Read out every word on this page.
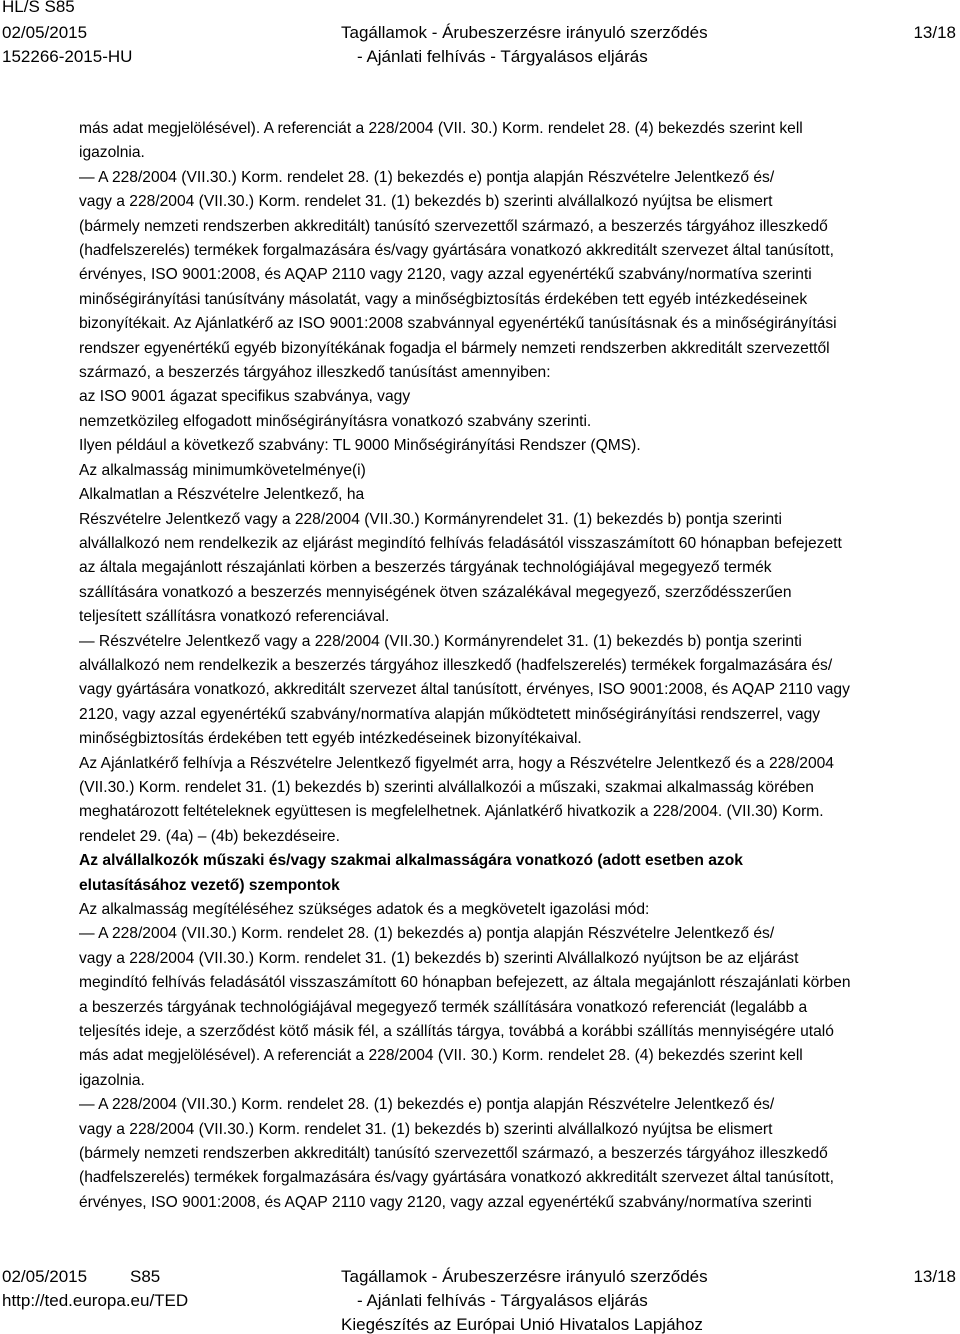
HL/S S85
02/05/2015
152266-2015-HU
Tagállamok - Árubeszerzésre irányuló szerződés
- Ajánlati felhívás - Tárgyalásos eljárás
13/18

más adat megjelölésével). A referenciát a 228/2004 (VII. 30.) Korm. rendelet 28. (4) bekezdés szerint kell

igazolnia.

— A 228/2004 (VII.30.) Korm. rendelet 28. (1) bekezdés e) pontja alapján Részvételre Jelentkező és/

vagy a 228/2004 (VII.30.) Korm. rendelet 31. (1) bekezdés b) szerinti alvállalkozó nyújtsa be elismert

(bármely nemzeti rendszerben akkreditált) tanúsító szervezettől származó, a beszerzés tárgyához illeszkedő

(hadfelszerelés) termékek forgalmazására és/vagy gyártására vonatkozó akkreditált szervezet által tanúsított,

érvényes, ISO 9001:2008, és AQAP 2110 vagy 2120, vagy azzal egyenértékű szabvány/normatíva szerinti

minőségirányítási tanúsítvány másolatát, vagy a minőségbiztosítás érdekében tett egyéb intézkedéseinek

bizonyítékait. Az Ajánlatkérő az ISO 9001:2008 szabvánnyal egyenértékű tanúsításnak és a minőségirányítási

rendszer egyenértékű egyéb bizonyítékának fogadja el bármely nemzeti rendszerben akkreditált szervezettől

származó, a beszerzés tárgyához illeszkedő tanúsítást amennyiben:

az ISO 9001 ágazat specifikus szabványa, vagy

nemzetközileg elfogadott minőségirányításra vonatkozó szabvány szerinti.

Ilyen például a következő szabvány: TL 9000 Minőségirányítási Rendszer (QMS).

Az alkalmasság minimumkövetelménye(i)

Alkalmatlan a Részvételre Jelentkező, ha

Részvételre Jelentkező vagy a 228/2004 (VII.30.) Kormányrendelet 31. (1) bekezdés b) pontja szerinti

alvállalkozó nem rendelkezik az eljárást megindító felhívás feladásától visszaszámított 60 hónapban befejezett

az általa megajánlott részajánlati körben a beszerzés tárgyának technológiájával megegyező termék

szállítására vonatkozó a beszerzés mennyiségének ötven százalékával megegyező, szerződésszerűen

teljesített szállításra vonatkozó referenciával.

— Részvételre Jelentkező vagy a 228/2004 (VII.30.) Kormányrendelet 31. (1) bekezdés b) pontja szerinti

alvállalkozó nem rendelkezik a beszerzés tárgyához illeszkedő (hadfelszerelés) termékek forgalmazására és/

vagy gyártására vonatkozó, akkreditált szervezet által tanúsított, érvényes, ISO 9001:2008, és AQAP 2110 vagy

2120, vagy azzal egyenértékű szabvány/normatíva alapján működtetett minőségirányítási rendszerrel, vagy

minőségbiztosítás érdekében tett egyéb intézkedéseinek bizonyítékaival.

Az Ajánlatkérő felhívja a Részvételre Jelentkező figyelmét arra, hogy a Részvételre Jelentkező és a 228/2004

(VII.30.) Korm. rendelet 31. (1) bekezdés b) szerinti alvállalkozói a műszaki, szakmai alkalmasság körében

meghatározott feltételeknek együttesen is megfelelhetnek. Ajánlatkérő hivatkozik a 228/2004. (VII.30) Korm.

rendelet 29. (4a) – (4b) bekezdéseire.

Az alvállalkozók műszaki és/vagy szakmai alkalmasságára vonatkozó (adott esetben azok

elutasításához vezető) szempontok

Az alkalmasság megítéléséhez szükséges adatok és a megkövetelt igazolási mód:

— A 228/2004 (VII.30.) Korm. rendelet 28. (1) bekezdés a) pontja alapján Részvételre Jelentkező és/

vagy a 228/2004 (VII.30.) Korm. rendelet 31. (1) bekezdés b) szerinti Alvállalkozó nyújtson be az eljárást

megindító felhívás feladásától visszaszámított 60 hónapban befejezett, az általa megajánlott részajánlati körben

a beszerzés tárgyának technológiájával megegyező termék szállítására vonatkozó referenciát (legalább a

teljesítés ideje, a szerződést kötő másik fél, a szállítás tárgya, továbbá a korábbi szállítás mennyiségére utaló

más adat megjelölésével). A referenciát a 228/2004 (VII. 30.) Korm. rendelet 28. (4) bekezdés szerint kell

igazolnia.

— A 228/2004 (VII.30.) Korm. rendelet 28. (1) bekezdés e) pontja alapján Részvételre Jelentkező és/

vagy a 228/2004 (VII.30.) Korm. rendelet 31. (1) bekezdés b) szerinti alvállalkozó nyújtsa be elismert

(bármely nemzeti rendszerben akkreditált) tanúsító szervezettől származó, a beszerzés tárgyához illeszkedő

(hadfelszerelés) termékek forgalmazására és/vagy gyártására vonatkozó akkreditált szervezet által tanúsított,

érvényes, ISO 9001:2008, és AQAP 2110 vagy 2120, vagy azzal egyenértékű szabvány/normatíva szerinti

02/05/2015	S85
http://ted.europa.eu/TED
Tagállamok - Árubeszerzésre irányuló szerződés
- Ajánlati felhívás - Tárgyalásos eljárás
Kiegészítés az Európai Unió Hivatalos Lapjához
13/18
